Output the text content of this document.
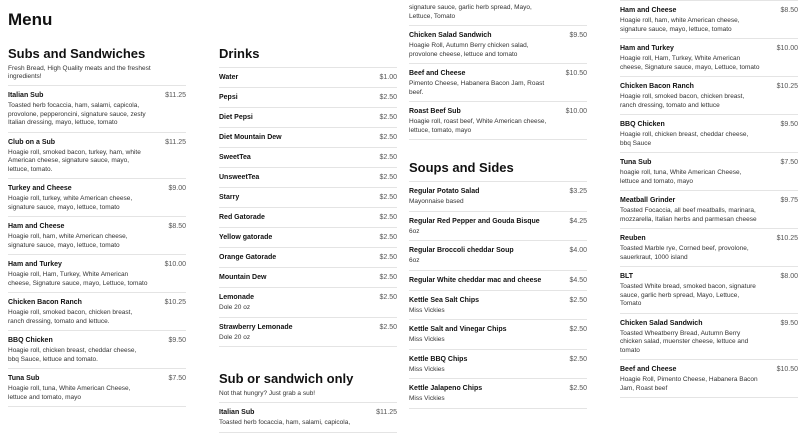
Menu
Subs and Sandwiches
Fresh Bread, High Quality meats and the freshest ingredients!
Italian Sub	$11.25
Toasted herb focaccia, ham, salami, capicola, provolone, pepperoncini, signature sauce, zesty Italian dressing, mayo, lettuce, tomato
Club on a Sub	$11.25
Hoagie roll, smoked bacon, turkey, ham, white American cheese, signature sauce, mayo, lettuce, tomato.
Turkey and Cheese	$9.00
Hoagie roll, turkey, white American cheese, signature sauce, mayo, lettuce, tomato
Ham and Cheese	$8.50
Hoagie roll, ham, white American cheese, signature sauce, mayo, lettuce, tomato
Ham and Turkey	$10.00
Hoagie roll, Ham, Turkey, White American cheese, Signature sauce, mayo, Lettuce, tomato
Chicken Bacon Ranch	$10.25
Hoagie roll, smoked bacon, chicken breast, ranch dressing, tomato and lettuce.
BBQ Chicken	$9.50
Hoagie roll, chicken breast, cheddar cheese, bbq Sauce, lettuce and tomato.
Tuna Sub	$7.50
Hoagie roll, tuna, White American Cheese, lettuce and tomato, mayo
Drinks
Water	$1.00
Pepsi	$2.50
Diet Pepsi	$2.50
Diet Mountain Dew	$2.50
SweetTea	$2.50
UnsweetTea	$2.50
Starry	$2.50
Red Gatorade	$2.50
Yellow gatorade	$2.50
Orange Gatorade	$2.50
Mountain Dew	$2.50
Lemonade	$2.50
Dole 20 oz
Strawberry Lemonade	$2.50
Dole 20 oz
Sub or sandwich only
Not that hungry? Just grab a sub!
Italian Sub	$11.25
Toasted herb focaccia, ham, salami, capicola,
signature sauce, garlic herb spread, Mayo, Lettuce, Tomato
Chicken Salad Sandwich	$9.50
Hoagie Roll, Autumn Berry chicken salad, provolone cheese, lettuce and tomato
Beef and Cheese	$10.50
Pimento Cheese, Habanera Bacon Jam, Roast beef.
Roast Beef Sub	$10.00
Hoagie roll, roast beef, White American cheese, lettuce, tomato, mayo
Soups and Sides
Regular Potato Salad	$3.25
Mayonnaise based
Regular Red Pepper and Gouda Bisque	$4.25
6oz
Regular Broccoli cheddar Soup	$4.00
6oz
Regular White cheddar mac and cheese	$4.50
Kettle Sea Salt Chips	$2.50
Miss Vickies
Kettle Salt and Vinegar Chips	$2.50
Miss Vickies
Kettle BBQ Chips	$2.50
Miss Vickies
Kettle Jalapeno Chips	$2.50
Miss Vickies
Ham and Cheese	$8.50
Hoagie roll, ham, white American cheese, signature sauce, mayo, lettuce, tomato
Ham and Turkey	$10.00
Hoagie roll, Ham, Turkey, White American cheese, Signature sauce, mayo, Lettuce, tomato
Chicken Bacon Ranch	$10.25
Hoagie roll, smoked bacon, chicken breast, ranch dressing, tomato and lettuce
BBQ Chicken	$9.50
Hoagie roll, chicken breast, cheddar cheese, bbq Sauce
Tuna Sub	$7.50
hoagie roll, tuna, White American Cheese, lettuce and tomato, mayo
Meatball Grinder	$9.75
Toasted Focaccia, all beef meatballs, marinara, mozzarella, Italian herbs and parmesan cheese
Reuben	$10.25
Toasted Marble rye, Corned beef, provolone, sauerkraut, 1000 island
BLT	$8.00
Toasted White bread, smoked bacon, signature sauce, garlic herb spread, Mayo, Lettuce, Tomato
Chicken Salad Sandwich	$9.50
Toasted Wheatberry Bread, Autumn Berry chicken salad, muenster cheese, lettuce and tomato
Beef and Cheese	$10.50
Hoagie Roll, Pimento Cheese, Habanera Bacon Jam, Roast beef
